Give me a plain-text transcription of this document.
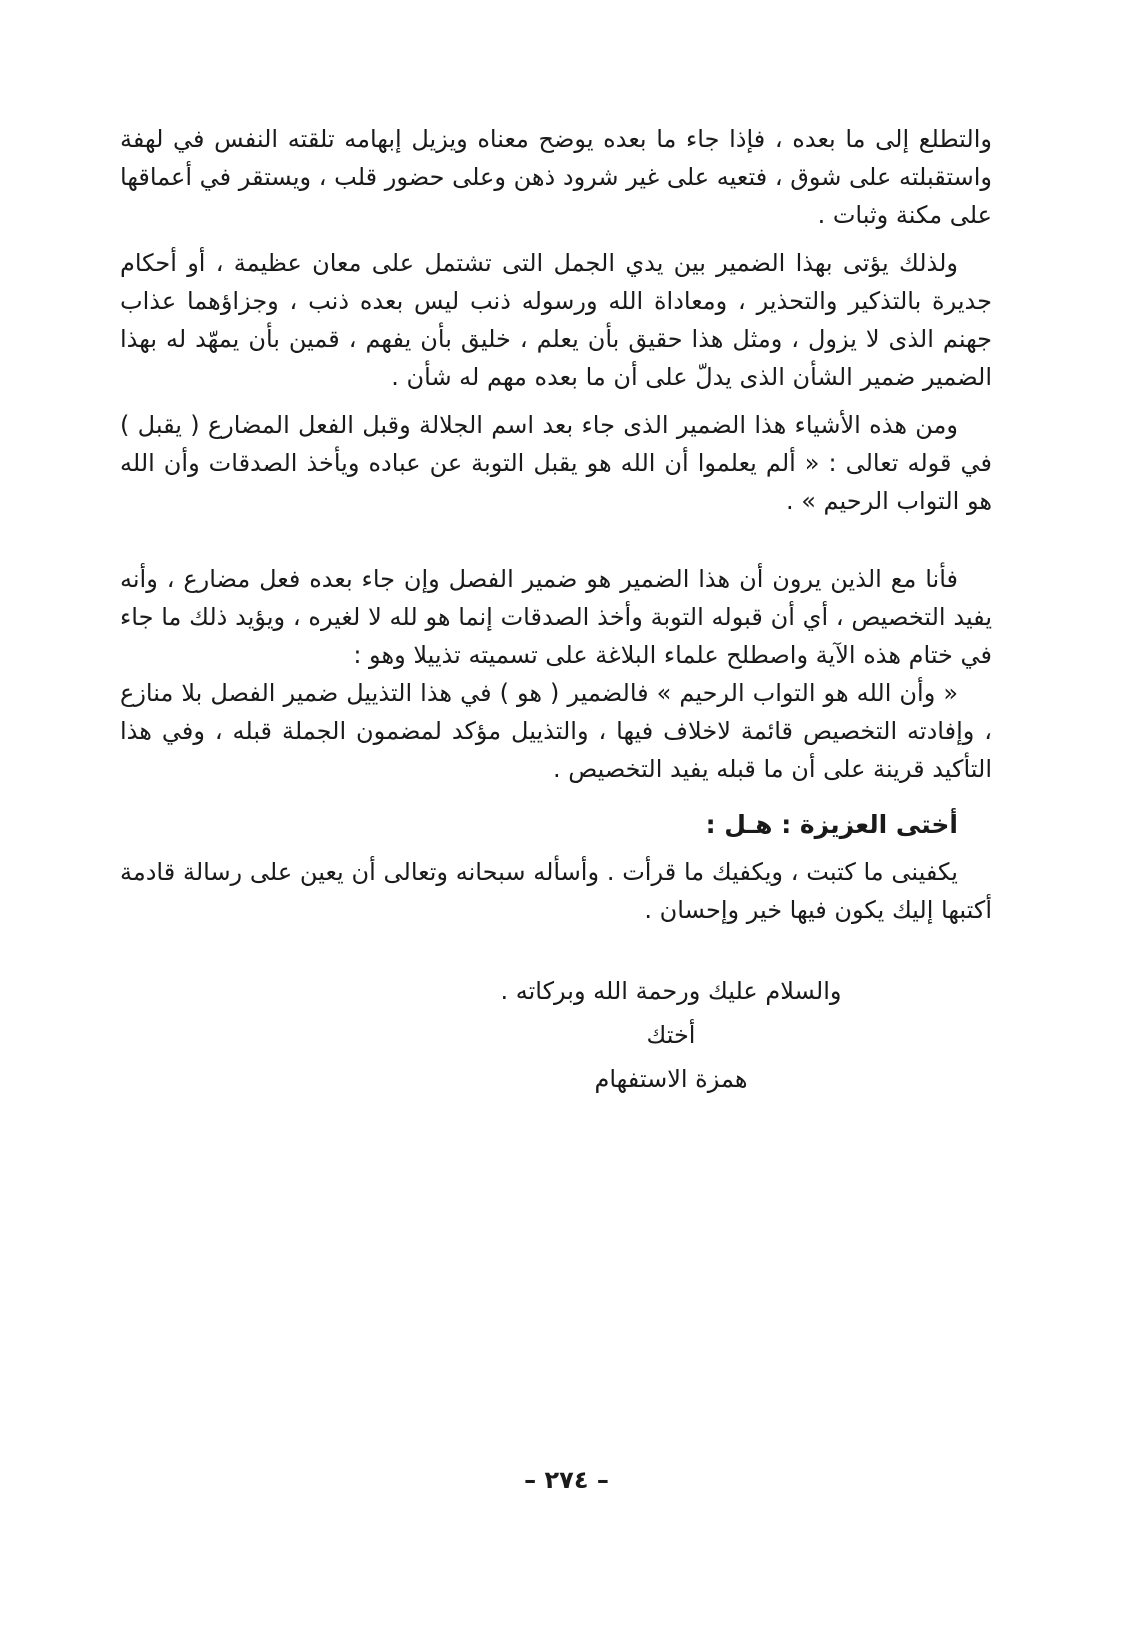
والتطلع إلى ما بعده ، فإذا جاء ما بعده يوضح معناه ويزيل إبهامه تلقته النفس في لهفة واستقبلته على شوق ، فتعيه على غير شرود ذهن وعلى حضور قلب ، ويستقر في أعماقها على مكنة وثبات .

ولذلك يؤتى بهذا الضمير بين يدي الجمل التى تشتمل على معان عظيمة ، أو أحكام جديرة بالتذكير والتحذير ، ومعاداة الله ورسوله ذنب ليس بعده ذنب ، وجزاؤهما عذاب جهنم الذى لا يزول ، ومثل هذا حقيق بأن يعلم ، خليق بأن يفهم ، قمين بأن يمهّد له بهذا الضمير ضمير الشأن الذى يدلّ على أن ما بعده مهم له شأن .

ومن هذه الأشياء هذا الضمير الذى جاء بعد اسم الجلالة وقبل الفعل المضارع ( يقبل ) في قوله تعالى : « ألم يعلموا أن الله هو يقبل التوبة عن عباده ويأخذ الصدقات وأن الله هو التواب الرحيم » .

فأنا مع الذين يرون أن هذا الضمير هو ضمير الفصل وإن جاء بعده فعل مضارع ، وأنه يفيد التخصيص ، أي أن قبوله التوبة وأخذ الصدقات إنما هو لله لا لغيره ، ويؤيد ذلك ما جاء في ختام هذه الآية واصطلح علماء البلاغة على تسميته تذييلا وهو :

« وأن الله هو التواب الرحيم » فالضمير ( هو ) في هذا التذييل ضمير الفصل بلا منازع ، وإفادته التخصيص قائمة لاخلاف فيها ، والتذييل مؤكد لمضمون الجملة قبله ، وفي هذا التأكيد قرينة على أن ما قبله يفيد التخصيص .

أختى العزيزة : هـل :

يكفينى ما كتبت ، ويكفيك ما قرأت . وأسأله سبحانه وتعالى أن يعين على رسالة قادمة أكتبها إليك يكون فيها خير وإحسان .

والسلام عليك ورحمة الله وبركاته .
أختك
همزة الاستفهام
– ٢٧٤ –
